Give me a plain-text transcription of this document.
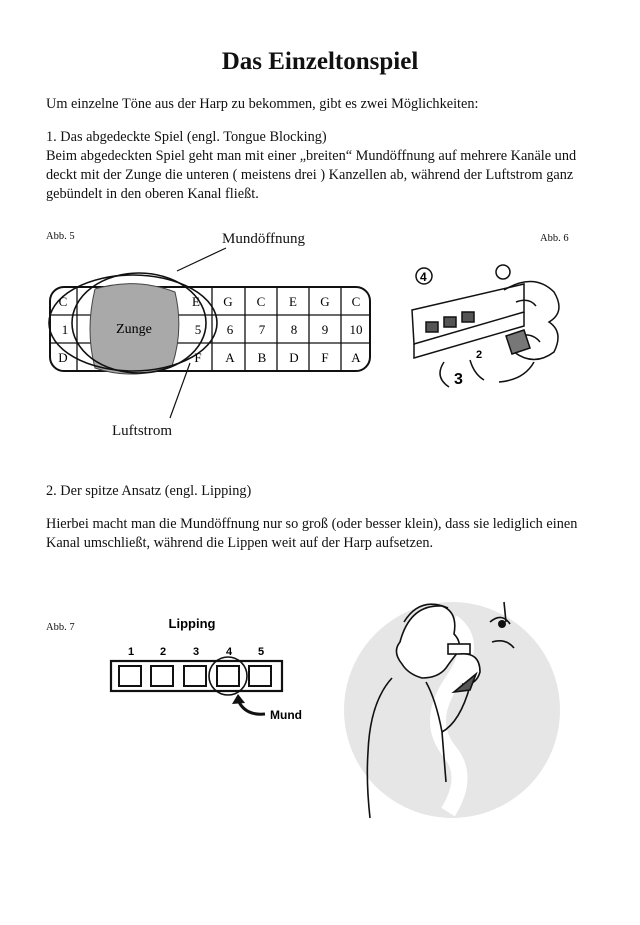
Das Einzeltonspiel

Um einzelne Töne aus der Harp zu bekommen, gibt es zwei Möglichkeiten:

1. Das abgedeckte Spiel (engl. Tongue Blocking)

Beim abgedeckten Spiel geht man mit einer „breiten“ Mundöffnung auf mehrere Kanäle und

deckt mit der Zunge die unteren ( meistens drei ) Kanzellen ab, während der Luftstrom ganz

gebündelt in den oberen Kanal fließt.

Abb. 5	Mundöffnung
Luftstrom
C	E G C E G C
1	5 6 7 8 9 10
D	F A B D F A
Zunge
Abb. 6
4
3
2

2. Der spitze Ansatz (engl. Lipping)

Hierbei macht man die Mundöffnung nur so groß (oder besser klein), dass sie lediglich einen

Kanal umschließt, während die Lippen weit auf der Harp aufsetzen.

Abb. 7	Lipping
1 2 3 4 5
Mund
